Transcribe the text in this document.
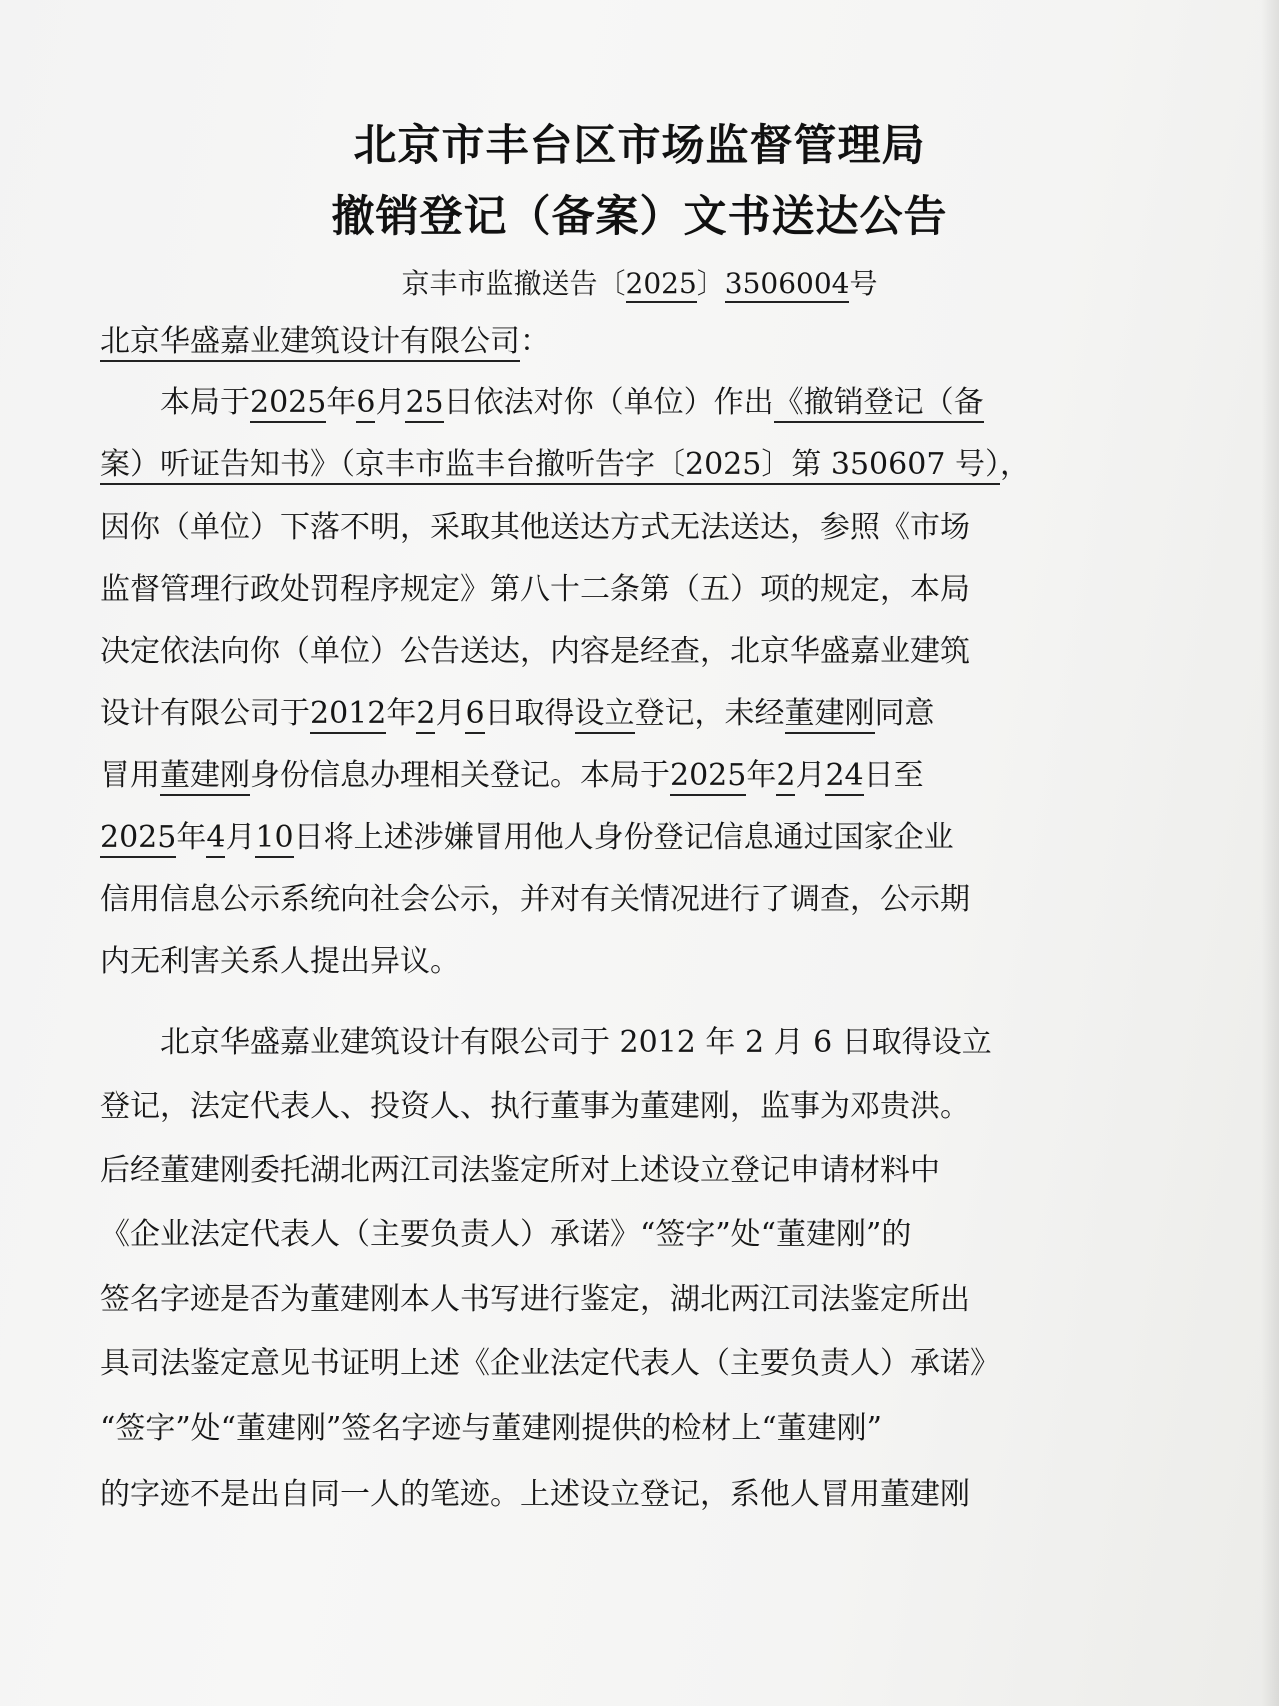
北京市丰台区市场监督管理局
撤销登记（备案）文书送达公告

京丰市监撤送告〔2025〕3506004号

北京华盛嘉业建筑设计有限公司：

本局于2025年6月25日依法对你（单位）作出《撤销登记（备

案）听证告知书》（京丰市监丰台撤听告字〔2025〕第 350607 号），

因你（单位）下落不明，采取其他送达方式无法送达，参照《市场

监督管理行政处罚程序规定》第八十二条第（五）项的规定，本局

决定依法向你（单位）公告送达，内容是经查，北京华盛嘉业建筑

设计有限公司于2012年2月6日取得设立登记，未经董建刚同意

冒用董建刚身份信息办理相关登记。本局于2025年2月24日至

2025年4月10日将上述涉嫌冒用他人身份登记信息通过国家企业

信用信息公示系统向社会公示，并对有关情况进行了调查，公示期

内无利害关系人提出异议。

北京华盛嘉业建筑设计有限公司于 2012 年 2 月 6 日取得设立

登记，法定代表人、投资人、执行董事为董建刚，监事为邓贵洪。

后经董建刚委托湖北两江司法鉴定所对上述设立登记申请材料中

《企业法定代表人（主要负责人）承诺》“签字”处“董建刚”的

签名字迹是否为董建刚本人书写进行鉴定，湖北两江司法鉴定所出

具司法鉴定意见书证明上述《企业法定代表人（主要负责人）承诺》

“签字”处“董建刚”签名字迹与董建刚提供的检材上“董建刚”

的字迹不是出自同一人的笔迹。上述设立登记，系他人冒用董建刚
